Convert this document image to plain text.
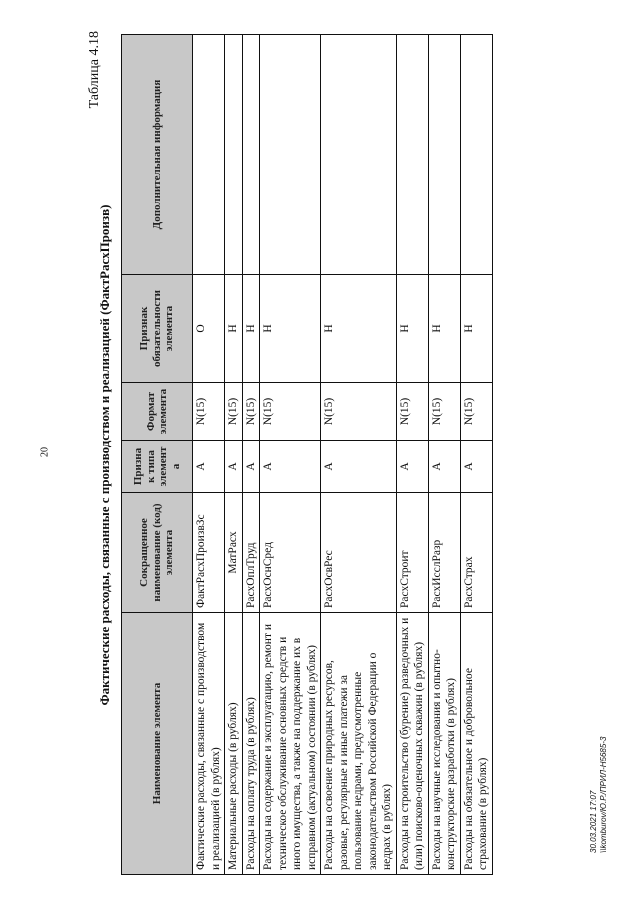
20
30.03.2021 17:07 \\komburov/Ю.Р./ПРИЛ-Н5685-3
Таблица 4.18
Фактические расходы, связанные с производством и реализацией (ФактРасхПроизв)
Наименование элемента	Сокращенное наименование (код) элемента	Признак типа элемента	Формат элемента	Признак обязательности элемента	Дополнительная информация
Фактические расходы, связанные с производством и реализацией (в рублях)	ФактРасхПроизвЗс	А	N(15)	О	
Материальные расходы (в рублях)	МатРасх	А	N(15)	Н	
Расходы на оплату труда (в рублях)	РасхОплТруд	А	N(15)	Н	
Расходы на содержание и эксплуатацию, ремонт и техническое обслуживание основных средств и иного имущества, а также на поддержание их в исправном (актуальном) состоянии (в рублях)	РасхОснСред	А	N(15)	Н	
Расходы на освоение природных ресурсов, разовые, регулярные и иные платежи за пользование недрами, предусмотренные законодательством Российской Федерации о недрах (в рублях)	РасхОсвРес	А	N(15)	Н	
Расходы на строительство (бурение) разведочных и (или) поисково-оценочных скважин (в рублях)	РасхСтроит	А	N(15)	Н	
Расходы на научные исследования и опытно-конструкторские разработки (в рублях)	РасхИсслРазр	А	N(15)	Н	
Расходы на обязательное и добровольное страхование (в рублях)	РасхСтрах	А	N(15)	Н	
